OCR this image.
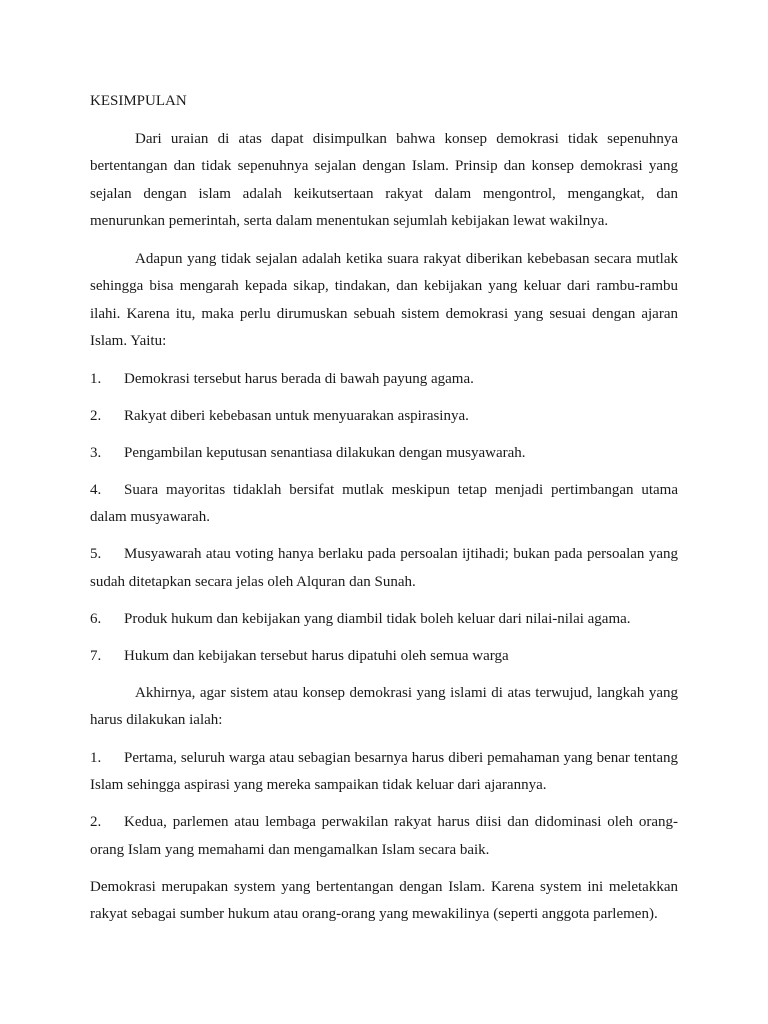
KESIMPULAN

Dari uraian di atas dapat disimpulkan bahwa konsep demokrasi tidak sepenuhnya bertentangan dan tidak sepenuhnya sejalan dengan Islam. Prinsip dan konsep demokrasi yang sejalan dengan islam adalah keikutsertaan rakyat dalam mengontrol, mengangkat, dan menurunkan pemerintah, serta dalam menentukan sejumlah kebijakan lewat wakilnya.

Adapun yang tidak sejalan adalah ketika suara rakyat diberikan kebebasan secara mutlak sehingga bisa mengarah kepada sikap, tindakan, dan kebijakan yang keluar dari rambu-rambu ilahi. Karena itu, maka perlu dirumuskan sebuah sistem demokrasi yang sesuai dengan ajaran Islam. Yaitu:

1. Demokrasi tersebut harus berada di bawah payung agama.

2. Rakyat diberi kebebasan untuk menyuarakan aspirasinya.

3. Pengambilan keputusan senantiasa dilakukan dengan musyawarah.

4. Suara mayoritas tidaklah bersifat mutlak meskipun tetap menjadi pertimbangan utama dalam musyawarah.

5. Musyawarah atau voting hanya berlaku pada persoalan ijtihadi; bukan pada persoalan yang sudah ditetapkan secara jelas oleh Alquran dan Sunah.

6. Produk hukum dan kebijakan yang diambil tidak boleh keluar dari nilai-nilai agama.

7. Hukum dan kebijakan tersebut harus dipatuhi oleh semua warga

Akhirnya, agar sistem atau konsep demokrasi yang islami di atas terwujud, langkah yang harus dilakukan ialah:

1. Pertama, seluruh warga atau sebagian besarnya harus diberi pemahaman yang benar tentang Islam sehingga aspirasi yang mereka sampaikan tidak keluar dari ajarannya.

2. Kedua, parlemen atau lembaga perwakilan rakyat harus diisi dan didominasi oleh orang-orang Islam yang memahami dan mengamalkan Islam secara baik.

Demokrasi merupakan system yang bertentangan dengan Islam. Karena system ini meletakkan rakyat sebagai sumber hukum atau orang-orang yang mewakilinya (seperti anggota parlemen).
